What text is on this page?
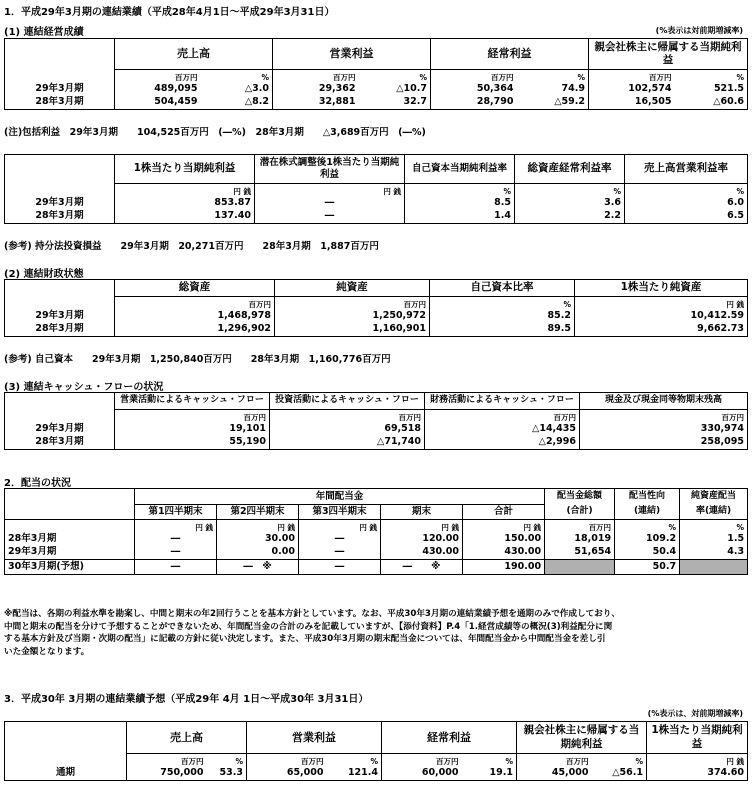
1．平成29年3月期の連結業績（平成28年4月1日～平成29年3月31日）
(1) 連結経営成績	(%表示は対前期増減率)
	売上高		営業利益		経常利益		親会社株主に帰属する当期純利益	
	百万円	%	百万円	%	百万円	%	百万円	%
29年3月期	489,095	△3.0	29,362	△10.7	50,364	74.9	102,574	521.5
28年3月期	504,459	△8.2	32,881	32.7	28,790	△59.2	16,505	△60.6
(注)包括利益　29年3月期　　104,525百万円　(―%)　28年3月期　　△3,689百万円　(―%)
	1株当たり当期純利益	潜在株式調整後1株当たり当期純利益	自己資本当期純利益率	総資産経常利益率	売上高営業利益率
	円 銭	円 銭	%	%	%
29年3月期	853.87	―	8.5	3.6	6.0
28年3月期	137.40	―	1.4	2.2	6.5
(参考) 持分法投資損益　　29年3月期　20,271百万円　　28年3月期　1,887百万円
(2) 連結財政状態
	総資産	純資産	自己資本比率	1株当たり純資産
	百万円	百万円	%	円 銭
29年3月期	1,468,978	1,250,972	85.2	10,412.59
28年3月期	1,296,902	1,160,901	89.5	9,662.73
(参考) 自己資本　　29年3月期　1,250,840百万円　　28年3月期　1,160,776百万円
(3) 連結キャッシュ・フローの状況
	営業活動によるキャッシュ・フロー	投資活動によるキャッシュ・フロー	財務活動によるキャッシュ・フロー	現金及び現金同等物期末残高
	百万円	百万円	百万円	百万円
29年3月期	19,101	69,518	△14,435	330,974
28年3月期	55,190	△71,740	△2,996	258,095
2．配当の状況
	年間配当金					配当金総額	配当性向	純資産配当
	第1四半期末	第2四半期末	第3四半期末	期末	合計	(合計)	(連結)	率(連結)
	円 銭	円 銭	円 銭	円 銭	円 銭	百万円	%	%
28年3月期	―	30.00	―	120.00	150.00	18,019	109.2	1.5
29年3月期	―	0.00	―	430.00	430.00	51,654	50.4	4.3
30年3月期(予想)	―	―　※	―	―　　※	190.00		50.7	
※配当は、各期の利益水準を勘案し、中間と期末の年2回行うことを基本方針としています。なお、平成30年3月期の連結業績予想を通期のみで作成しており、
中間と期末の配当を分けて予想することができないため、年間配当金の合計のみを記載していますが、【添付資料】P.4「1.経営成績等の概況(3)利益配分に関
する基本方針及び当期・次期の配当」に記載の方針に従い決定します。また、平成30年3月期の期末配当金については、年間配当金から中間配当金を差し引
いた金額となります。
3．平成30年 3月期の連結業績予想（平成29年 4月 1日～平成30年 3月31日）
(%表示は、対前期増減率)
	売上高		営業利益		経常利益		親会社株主に帰属する当期純利益		1株当たり当期純利益
	百万円	%	百万円	%	百万円	%	百万円	%	円 銭
通期	750,000	53.3	65,000	121.4	60,000	19.1	45,000	△56.1	374.60
